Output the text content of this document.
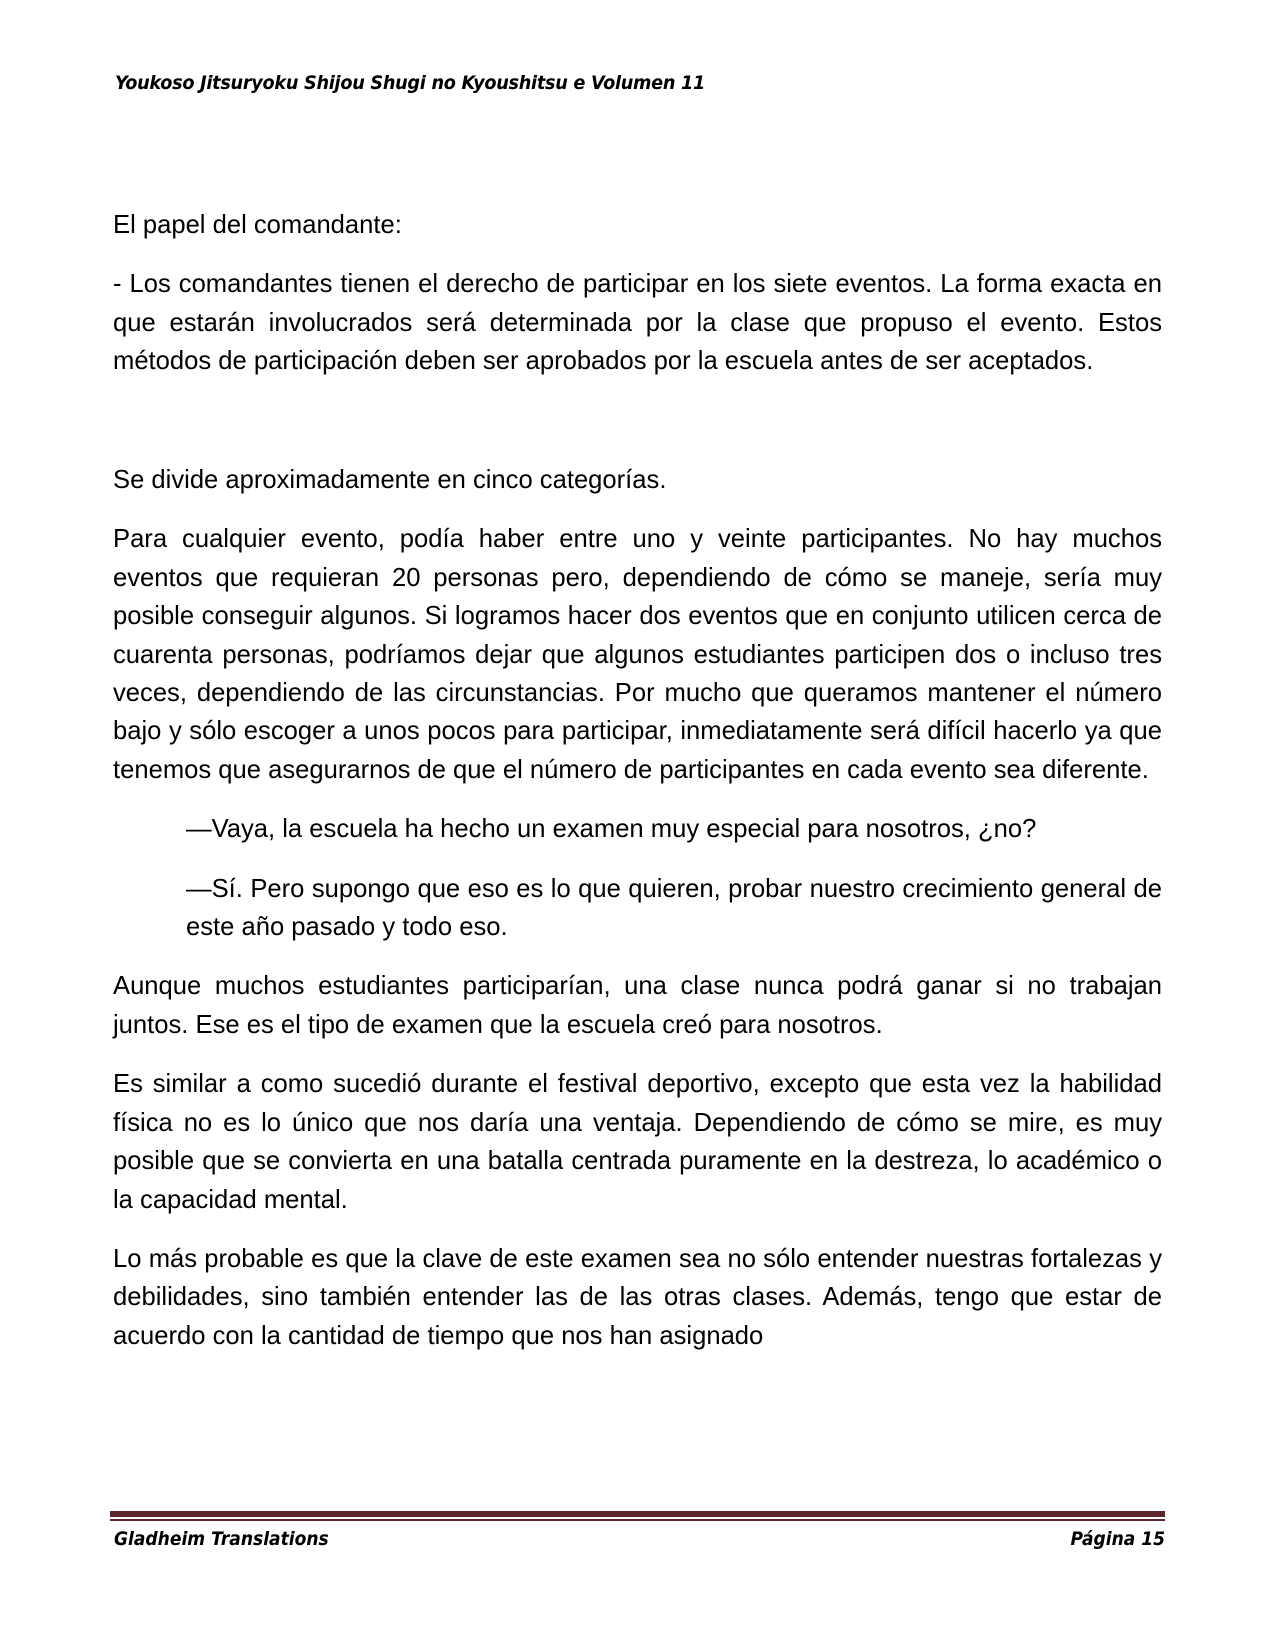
Youkoso Jitsuryoku Shijou Shugi no Kyoushitsu e Volumen 11

El papel del comandante:

- Los comandantes tienen el derecho de participar en los siete eventos. La forma exacta en que estarán involucrados será determinada por la clase que propuso el evento. Estos métodos de participación deben ser aprobados por la escuela antes de ser aceptados.

Se divide aproximadamente en cinco categorías.

Para cualquier evento, podía haber entre uno y veinte participantes. No hay muchos eventos que requieran 20 personas pero, dependiendo de cómo se maneje, sería muy posible conseguir algunos. Si logramos hacer dos eventos que en conjunto utilicen cerca de cuarenta personas, podríamos dejar que algunos estudiantes participen dos o incluso tres veces, dependiendo de las circunstancias. Por mucho que queramos mantener el número bajo y sólo escoger a unos pocos para participar, inmediatamente será difícil hacerlo ya que tenemos que asegurarnos de que el número de participantes en cada evento sea diferente.

—Vaya, la escuela ha hecho un examen muy especial para nosotros, ¿no?

—Sí. Pero supongo que eso es lo que quieren, probar nuestro crecimiento general de este año pasado y todo eso.

Aunque muchos estudiantes participarían, una clase nunca podrá ganar si no trabajan juntos. Ese es el tipo de examen que la escuela creó para nosotros.

Es similar a como sucedió durante el festival deportivo, excepto que esta vez la habilidad física no es lo único que nos daría una ventaja. Dependiendo de cómo se mire, es muy posible que se convierta en una batalla centrada puramente en la destreza, lo académico o la capacidad mental.

Lo más probable es que la clave de este examen sea no sólo entender nuestras fortalezas y debilidades, sino también entender las de las otras clases. Además, tengo que estar de acuerdo con la cantidad de tiempo que nos han asignado

Gladheim Translations	Página 15
